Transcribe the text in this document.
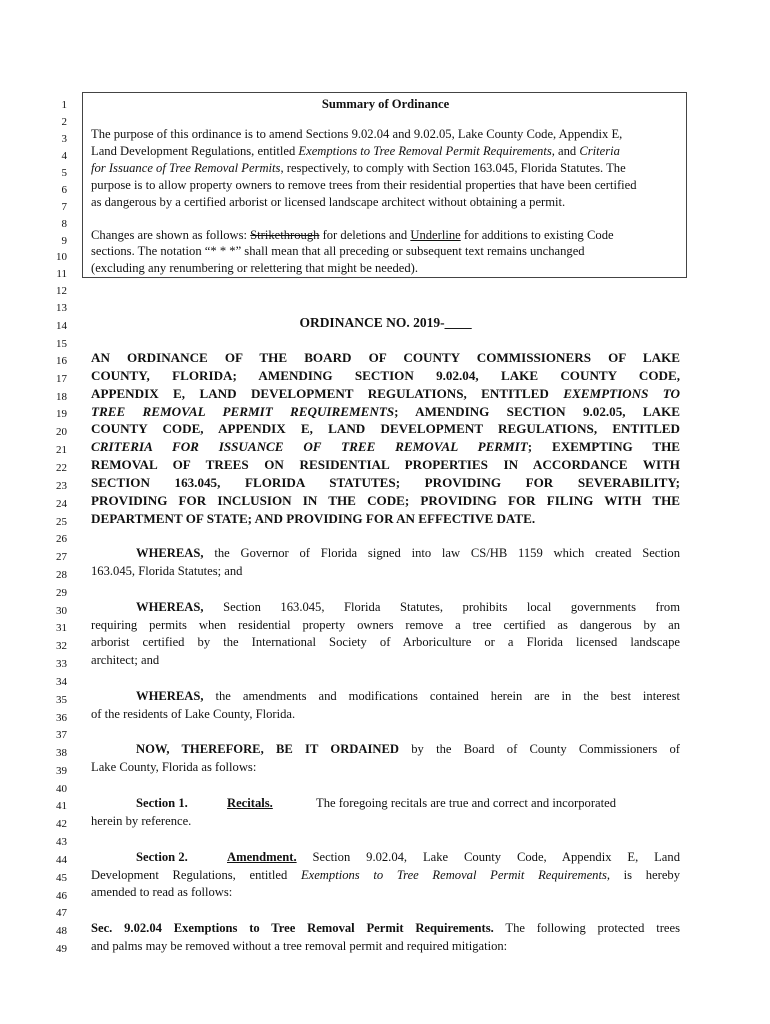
1
2
3
4
5
6
7
8
9
10
11
12
13
14
15
16
17
18
19
20
21
22
23
24
25
26
27
28
29
30
31
32
33
34
35
36
37
38
39
40
41
42
43
44
45
46
47
48
49
Summary of Ordinance
The purpose of this ordinance is to amend Sections 9.02.04 and 9.02.05, Lake County Code, Appendix E,
Land Development Regulations, entitled Exemptions to Tree Removal Permit Requirements, and Criteria
for Issuance of Tree Removal Permits, respectively, to comply with Section 163.045, Florida Statutes. The
purpose is to allow property owners to remove trees from their residential properties that have been certified
as dangerous by a certified arborist or licensed landscape architect without obtaining a permit.
Changes are shown as follows: Strikethrough for deletions and Underline for additions to existing Code
sections. The notation “* * *” shall mean that all preceding or subsequent text remains unchanged
(excluding any renumbering or relettering that might be needed).
ORDINANCE NO. 2019-____
AN ORDINANCE OF THE BOARD OF COUNTY COMMISSIONERS OF LAKE
COUNTY, FLORIDA; AMENDING SECTION 9.02.04, LAKE COUNTY CODE,
APPENDIX E, LAND DEVELOPMENT REGULATIONS, ENTITLED EXEMPTIONS TO
TREE REMOVAL PERMIT REQUIREMENTS; AMENDING SECTION 9.02.05, LAKE
COUNTY CODE, APPENDIX E, LAND DEVELOPMENT REGULATIONS, ENTITLED
CRITERIA FOR ISSUANCE OF TREE REMOVAL PERMIT; EXEMPTING THE
REMOVAL OF TREES ON RESIDENTIAL PROPERTIES IN ACCORDANCE WITH
SECTION 163.045, FLORIDA STATUTES; PROVIDING FOR SEVERABILITY;
PROVIDING FOR INCLUSION IN THE CODE; PROVIDING FOR FILING WITH THE
DEPARTMENT OF STATE; AND PROVIDING FOR AN EFFECTIVE DATE.
WHEREAS, the Governor of Florida signed into law CS/HB 1159 which created Section
163.045, Florida Statutes; and
WHEREAS, Section 163.045, Florida Statutes, prohibits local governments from
requiring permits when residential property owners remove a tree certified as dangerous by an
arborist certified by the International Society of Arboriculture or a Florida licensed landscape
architect; and
WHEREAS, the amendments and modifications contained herein are in the best interest
of the residents of Lake County, Florida.
NOW, THEREFORE, BE IT ORDAINED by the Board of County Commissioners of
Lake County, Florida as follows:
Section 1.	Recitals.	The foregoing recitals are true and correct and incorporated
herein by reference.
Section 2.	Amendment. Section 9.02.04, Lake County Code, Appendix E, Land
Development Regulations, entitled Exemptions to Tree Removal Permit Requirements, is hereby
amended to read as follows:
Sec. 9.02.04 Exemptions to Tree Removal Permit Requirements. The following protected trees
and palms may be removed without a tree removal permit and required mitigation:
